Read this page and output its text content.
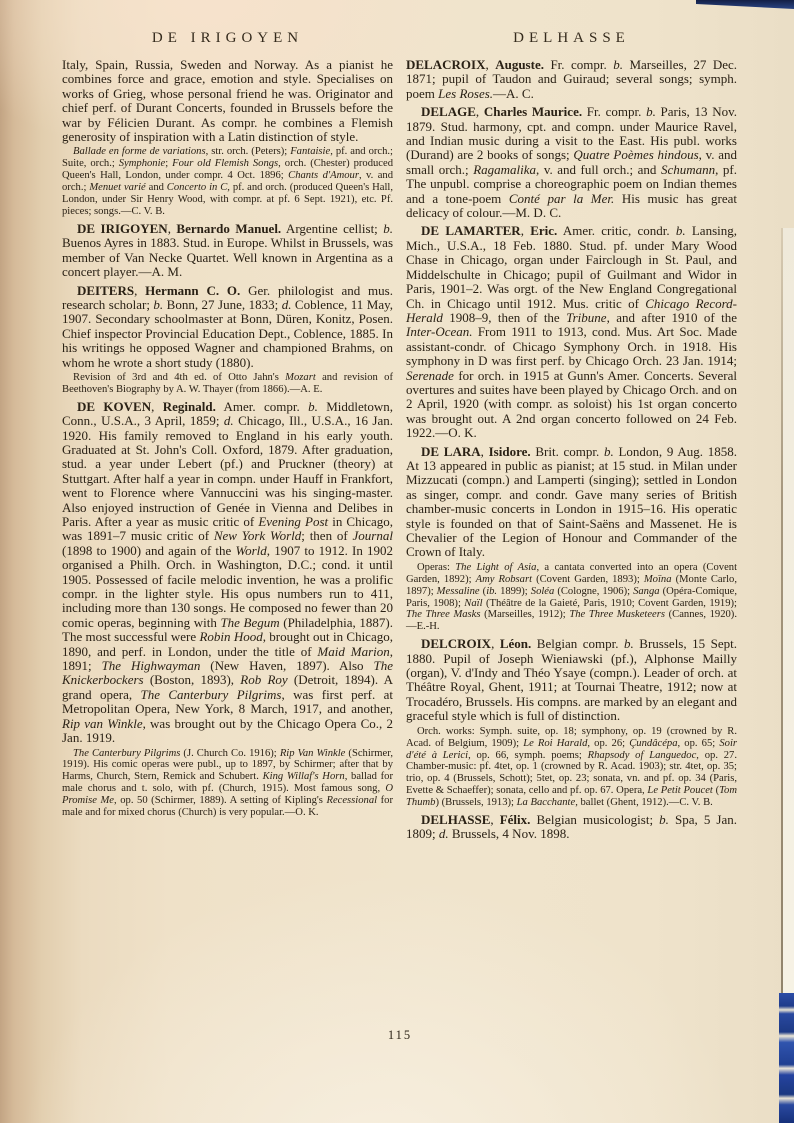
DE IRIGOYEN

Italy, Spain, Russia, Sweden and Norway. As a pianist he combines force and grace, emotion and style. Specialises on works of Grieg, whose personal friend he was. Originator and chief perf. of Durant Concerts, founded in Brussels before the war by Félicien Durant. As compr. he combines a Flemish generosity of inspiration with a Latin distinction of style.

Ballade en forme de variations, str. orch. (Peters); Fantaisie, pf. and orch.; Suite, orch.; Symphonie; Four old Flemish Songs, orch. (Chester) produced Queen's Hall, London, under compr. 4 Oct. 1896; Chants d'Amour, v. and orch.; Menuet varié and Concerto in C, pf. and orch. (produced Queen's Hall, London, under Sir Henry Wood, with compr. at pf. 6 Sept. 1921), etc. Pf. pieces; songs.—C. V. B.

DE IRIGOYEN, Bernardo Manuel. Argentine cellist; b. Buenos Ayres in 1883. Stud. in Europe. Whilst in Brussels, was member of Van Necke Quartet. Well known in Argentina as a concert player.—A. M.

DEITERS, Hermann C. O. Ger. philologist and mus. research scholar; b. Bonn, 27 June, 1833; d. Coblence, 11 May, 1907. Secondary schoolmaster at Bonn, Düren, Konitz, Posen. Chief inspector Provincial Education Dept., Coblence, 1885. In his writings he opposed Wagner and championed Brahms, on whom he wrote a short study (1880).

Revision of 3rd and 4th ed. of Otto Jahn's Mozart and revision of Beethoven's Biography by A. W. Thayer (from 1866).—A. E.

DE KOVEN, Reginald. Amer. compr. b. Middletown, Conn., U.S.A., 3 April, 1859; d. Chicago, Ill., U.S.A., 16 Jan. 1920. His family removed to England in his early youth. Graduated at St. John's Coll. Oxford, 1879. After graduation, stud. a year under Lebert (pf.) and Pruckner (theory) at Stuttgart. After half a year in compn. under Hauff in Frankfort, went to Florence where Vannuccini was his singing-master. Also enjoyed instruction of Genée in Vienna and Delibes in Paris. After a year as music critic of Evening Post in Chicago, was 1891–7 music critic of New York World; then of Journal (1898 to 1900) and again of the World, 1907 to 1912. In 1902 organised a Philh. Orch. in Washington, D.C.; cond. it until 1905. Possessed of facile melodic invention, he was a prolific compr. in the lighter style. His opus numbers run to 411, including more than 130 songs. He composed no fewer than 20 comic operas, beginning with The Begum (Philadelphia, 1887). The most successful were Robin Hood, brought out in Chicago, 1890, and perf. in London, under the title of Maid Marion, 1891; The Highwayman (New Haven, 1897). Also The Knickerbockers (Boston, 1893), Rob Roy (Detroit, 1894). A grand opera, The Canterbury Pilgrims, was first perf. at Metropolitan Opera, New York, 8 March, 1917, and another, Rip van Winkle, was brought out by the Chicago Opera Co., 2 Jan. 1919.

The Canterbury Pilgrims (J. Church Co. 1916); Rip Van Winkle (Schirmer, 1919). His comic operas were publ., up to 1897, by Schirmer; after that by Harms, Church, Stern, Remick and Schubert. King Willaf's Horn, ballad for male chorus and t. solo, with pf. (Church, 1915). Most famous song, O Promise Me, op. 50 (Schirmer, 1889). A setting of Kipling's Recessional for male and for mixed chorus (Church) is very popular.—O. K.

DELHASSE

DELACROIX, Auguste. Fr. compr. b. Marseilles, 27 Dec. 1871; pupil of Taudon and Guiraud; several songs; symph. poem Les Roses.—A. C.

DELAGE, Charles Maurice. Fr. compr. b. Paris, 13 Nov. 1879. Stud. harmony, cpt. and compn. under Maurice Ravel, and Indian music during a visit to the East. His publ. works (Durand) are 2 books of songs; Quatre Poèmes hindous, v. and small orch.; Ragamalika, v. and full orch.; and Schumann, pf. The unpubl. comprise a choreographic poem on Indian themes and a tone-poem Conté par la Mer. His music has great delicacy of colour.—M. D. C.

DE LAMARTER, Eric. Amer. critic, condr. b. Lansing, Mich., U.S.A., 18 Feb. 1880. Stud. pf. under Mary Wood Chase in Chicago, organ under Fairclough in St. Paul, and Middelschulte in Chicago; pupil of Guilmant and Widor in Paris, 1901–2. Was orgt. of the New England Congregational Ch. in Chicago until 1912. Mus. critic of Chicago Record-Herald 1908–9, then of the Tribune, and after 1910 of the Inter-Ocean. From 1911 to 1913, cond. Mus. Art Soc. Made assistant-condr. of Chicago Symphony Orch. in 1918. His symphony in D was first perf. by Chicago Orch. 23 Jan. 1914; Serenade for orch. in 1915 at Gunn's Amer. Concerts. Several overtures and suites have been played by Chicago Orch. and on 2 April, 1920 (with compr. as soloist) his 1st organ concerto was brought out. A 2nd organ concerto followed on 24 Feb. 1922.—O. K.

DE LARA, Isidore. Brit. compr. b. London, 9 Aug. 1858. At 13 appeared in public as pianist; at 15 stud. in Milan under Mizzucati (compn.) and Lamperti (singing); settled in London as singer, compr. and condr. Gave many series of British chamber-music concerts in London in 1915–16. His operatic style is founded on that of Saint-Saëns and Massenet. He is Chevalier of the Legion of Honour and Commander of the Crown of Italy.

Operas: The Light of Asia, a cantata converted into an opera (Covent Garden, 1892); Amy Robsart (Covent Garden, 1893); Moïna (Monte Carlo, 1897); Messaline (ib. 1899); Soléa (Cologne, 1906); Sanga (Opéra-Comique, Paris, 1908); Naïl (Théâtre de la Gaieté, Paris, 1910; Covent Garden, 1919); The Three Masks (Marseilles, 1912); The Three Musketeers (Cannes, 1920).—E.-H.

DELCROIX, Léon. Belgian compr. b. Brussels, 15 Sept. 1880. Pupil of Joseph Wieniawski (pf.), Alphonse Mailly (organ), V. d'Indy and Théo Ysaye (compn.). Leader of orch. at Théâtre Royal, Ghent, 1911; at Tournai Theatre, 1912; now at Trocadéro, Brussels. His compns. are marked by an elegant and graceful style which is full of distinction.

Orch. works: Symph. suite, op. 18; symphony, op. 19 (crowned by R. Acad. of Belgium, 1909); Le Roi Harald, op. 26; Çundâcépa, op. 65; Soir d'été à Lerici, op. 66, symph. poems; Rhapsody of Languedoc, op. 27. Chamber-music: pf. 4tet, op. 1 (crowned by R. Acad. 1903); str. 4tet, op. 35; trio, op. 4 (Brussels, Schott); 5tet, op. 23; sonata, vn. and pf. op. 34 (Paris, Evette & Schaeffer); sonata, cello and pf. op. 67. Opera, Le Petit Poucet (Tom Thumb) (Brussels, 1913); La Bacchante, ballet (Ghent, 1912).—C. V. B.

DELHASSE, Félix. Belgian musicologist; b. Spa, 5 Jan. 1809; d. Brussels, 4 Nov. 1898.

115
